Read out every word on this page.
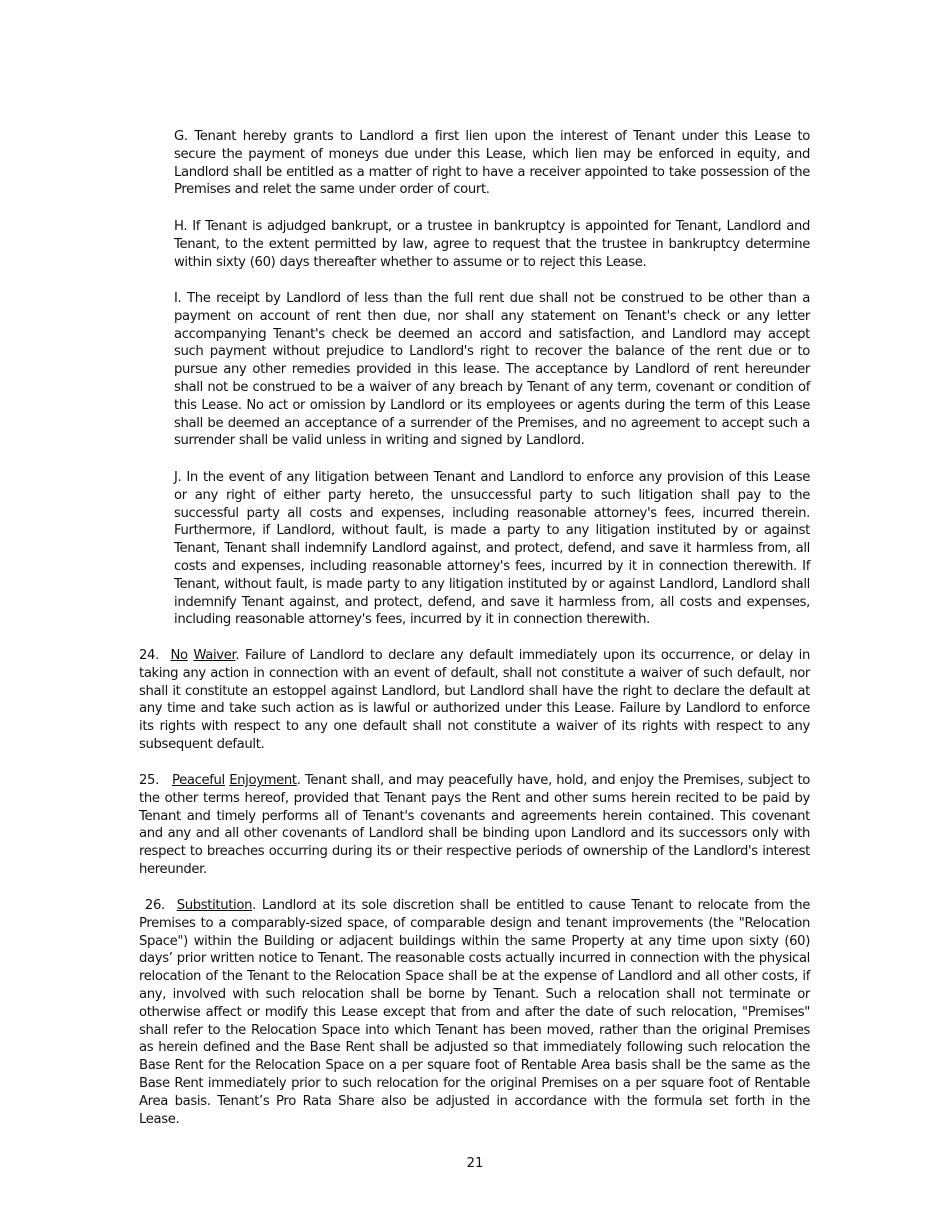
G. Tenant hereby grants to Landlord a first lien upon the interest of Tenant under this Lease to secure the payment of moneys due under this Lease, which lien may be enforced in equity, and Landlord shall be entitled as a matter of right to have a receiver appointed to take possession of the Premises and relet the same under order of court.

H. If Tenant is adjudged bankrupt, or a trustee in bankruptcy is appointed for Tenant, Landlord and Tenant, to the extent permitted by law, agree to request that the trustee in bankruptcy determine within sixty (60) days thereafter whether to assume or to reject this Lease.

I. The receipt by Landlord of less than the full rent due shall not be construed to be other than a payment on account of rent then due, nor shall any statement on Tenant's check or any letter accompanying Tenant's check be deemed an accord and satisfaction, and Landlord may accept such payment without prejudice to Landlord's right to recover the balance of the rent due or to pursue any other remedies provided in this lease. The acceptance by Landlord of rent hereunder shall not be construed to be a waiver of any breach by Tenant of any term, covenant or condition of this Lease. No act or omission by Landlord or its employees or agents during the term of this Lease shall be deemed an acceptance of a surrender of the Premises, and no agreement to accept such a surrender shall be valid unless in writing and signed by Landlord.

J. In the event of any litigation between Tenant and Landlord to enforce any provision of this Lease or any right of either party hereto, the unsuccessful party to such litigation shall pay to the successful party all costs and expenses, including reasonable attorney's fees, incurred therein. Furthermore, if Landlord, without fault, is made a party to any litigation instituted by or against Tenant, Tenant shall indemnify Landlord against, and protect, defend, and save it harmless from, all costs and expenses, including reasonable attorney's fees, incurred by it in connection therewith. If Tenant, without fault, is made party to any litigation instituted by or against Landlord, Landlord shall indemnify Tenant against, and protect, defend, and save it harmless from, all costs and expenses, including reasonable attorney's fees, incurred by it in connection therewith.

24. No Waiver. Failure of Landlord to declare any default immediately upon its occurrence, or delay in taking any action in connection with an event of default, shall not constitute a waiver of such default, nor shall it constitute an estoppel against Landlord, but Landlord shall have the right to declare the default at any time and take such action as is lawful or authorized under this Lease. Failure by Landlord to enforce its rights with respect to any one default shall not constitute a waiver of its rights with respect to any subsequent default.

25. Peaceful Enjoyment. Tenant shall, and may peacefully have, hold, and enjoy the Premises, subject to the other terms hereof, provided that Tenant pays the Rent and other sums herein recited to be paid by Tenant and timely performs all of Tenant's covenants and agreements herein contained. This covenant and any and all other covenants of Landlord shall be binding upon Landlord and its successors only with respect to breaches occurring during its or their respective periods of ownership of the Landlord's interest hereunder.

26. Substitution. Landlord at its sole discretion shall be entitled to cause Tenant to relocate from the Premises to a comparably-sized space, of comparable design and tenant improvements (the "Relocation Space") within the Building or adjacent buildings within the same Property at any time upon sixty (60) days’ prior written notice to Tenant. The reasonable costs actually incurred in connection with the physical relocation of the Tenant to the Relocation Space shall be at the expense of Landlord and all other costs, if any, involved with such relocation shall be borne by Tenant. Such a relocation shall not terminate or otherwise affect or modify this Lease except that from and after the date of such relocation, "Premises" shall refer to the Relocation Space into which Tenant has been moved, rather than the original Premises as herein defined and the Base Rent shall be adjusted so that immediately following such relocation the Base Rent for the Relocation Space on a per square foot of Rentable Area basis shall be the same as the Base Rent immediately prior to such relocation for the original Premises on a per square foot of Rentable Area basis. Tenant’s Pro Rata Share also be adjusted in accordance with the formula set forth in the Lease.

21
